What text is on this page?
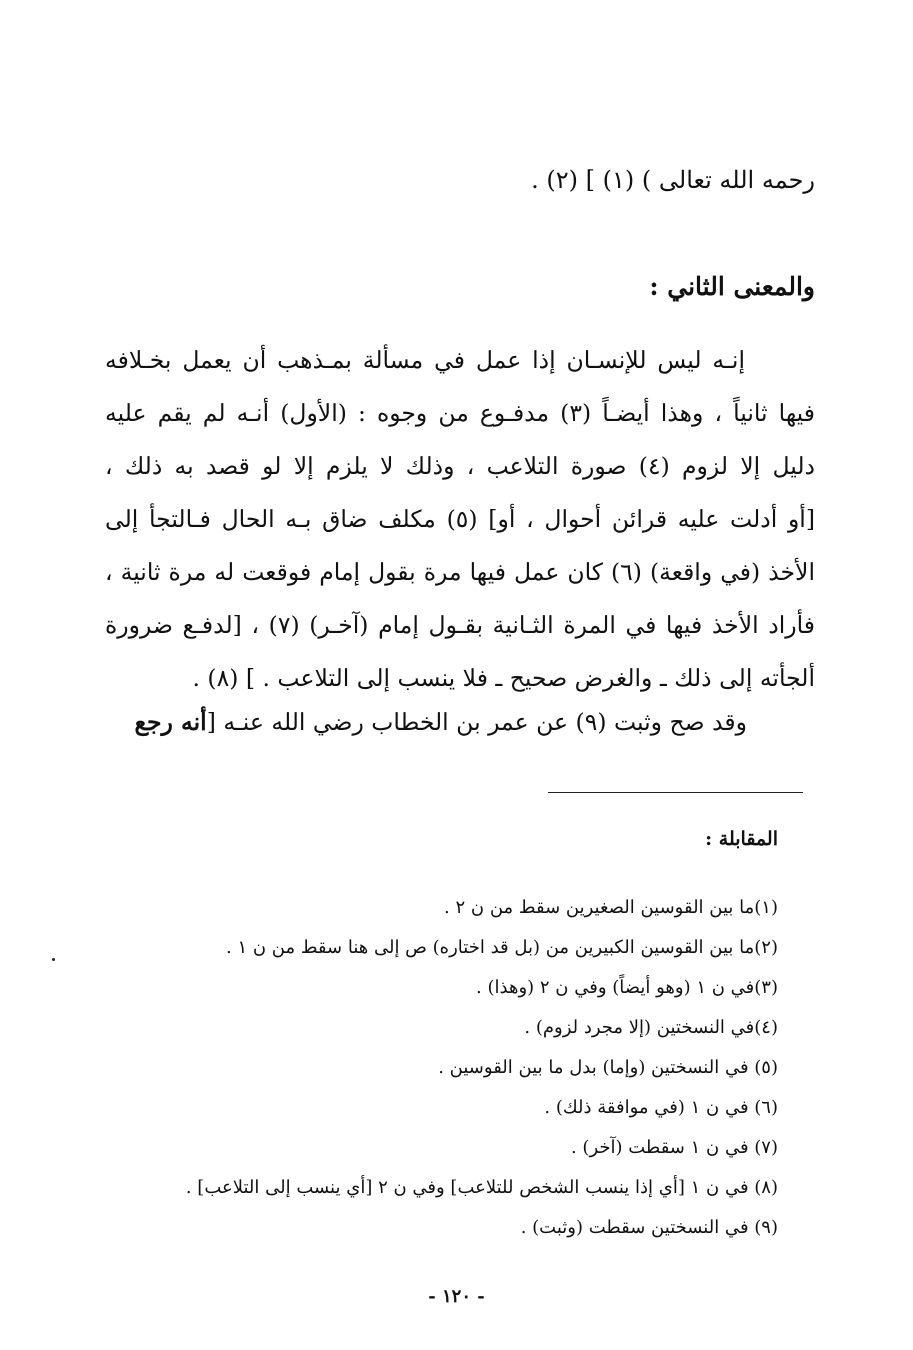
رحمه الله تعالى ) (١) ] (٢) .
والمعنى الثاني :
إنـه ليس للإنسـان إذا عمل في مسألة بمـذهب أن يعمل بخـلافه
فيها ثانياً ، وهذا أيضـاً (٣) مدفـوع من وجوه : (الأول) أنـه لم يقم عليه
دليل إلا لزوم (٤) صورة التلاعب ، وذلك لا يلزم إلا لو قصد به ذلك ،
[أو أدلت عليه قرائن أحوال ، أو] (٥) مكلف ضاق بـه الحال فـالتجأ إلى
الأخذ (في واقعة) (٦) كان عمل فيها مرة بقول إمام فوقعت له مرة ثانية ،
فأراد الأخذ فيها في المرة الثـانية بقـول إمام (آخـر) (٧) ، [لدفـع ضرورة
ألجأته إلى ذلك ـ والغرض صحيح ـ فلا ينسب إلى التلاعب . ] (٨) .
وقد صح وثبت (٩) عن عمر بن الخطاب رضي الله عنـه [أنه رجع
المقابلة :
(١)ما بين القوسين الصغيرين سقط من ن ٢ .
(٢)ما بين القوسين الكبيرين من (بل قد اختاره) ص إلى هنا سقط من ن ١ .
(٣)في ن ١ (وهو أيضاً) وفي ن ٢ (وهذا) .
(٤)في النسختين (إلا مجرد لزوم) .
(٥) في النسختين (وإما) بدل ما بين القوسين .
(٦) في ن ١ (في موافقة ذلك) .
(٧) في ن ١ سقطت (آخر) .
(٨) في ن ١ [أي إذا ينسب الشخص للتلاعب] وفي ن ٢ [أي ينسب إلى التلاعب] .
(٩) في النسختين سقطت (وثبت) .
- ١٢٠ -
